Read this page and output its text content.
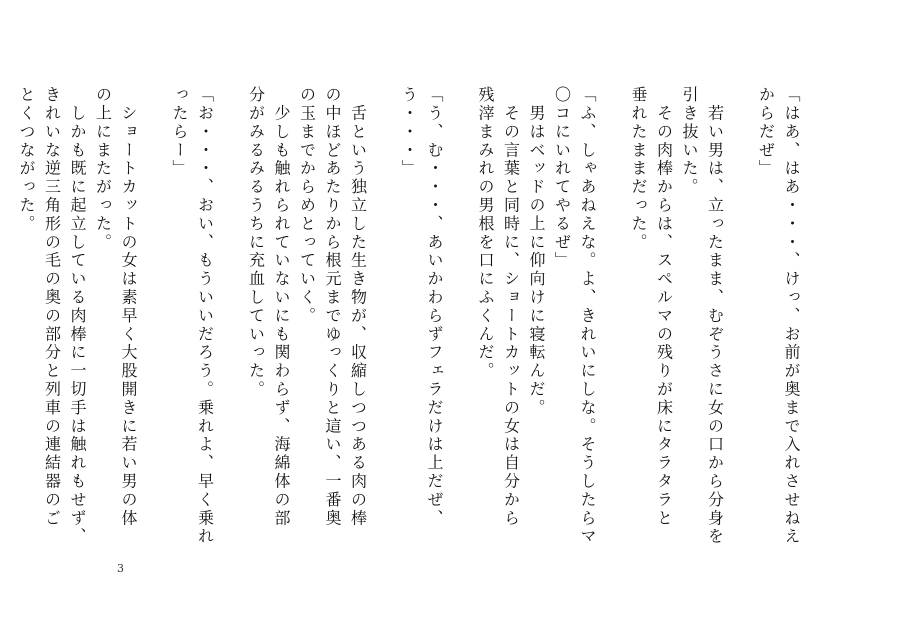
「はあ、はあ・・・、けっ、お前が奥まで入れさせねえ
からだぜ」
　若い男は、立ったまま、むぞうさに女の口から分身を
引き抜いた。
　その肉棒からは、スペルマの残りが床にタラタラと
垂れたままだった。
「ふ、しゃあねえな。よ、きれいにしな。そうしたらマ
〇コにいれてやるぜ」
　男はベッドの上に仰向けに寝転んだ。
　その言葉と同時に、ショートカットの女は自分から
残滓まみれの男根を口にふくんだ。
「う、む・・・、あいかわらずフェラだけは上だぜ、う・・・」
　舌という独立した生き物が、収縮しつつある肉の棒
の中ほどあたりから根元までゆっくりと這い、一番奥
の玉までからめとっていく。
　少しも触れられていないにも関わらず、海綿体の部
分がみるみるうちに充血していった。
「お・・・、おい、もういいだろう。乗れよ、早く乗れ
ったらー」
　ショートカットの女は素早く大股開きに若い男の体
の上にまたがった。
　しかも既に起立している肉棒に一切手は触れもせず、
きれいな逆三角形の毛の奥の部分と列車の連結器のご
とくつながった。
3
